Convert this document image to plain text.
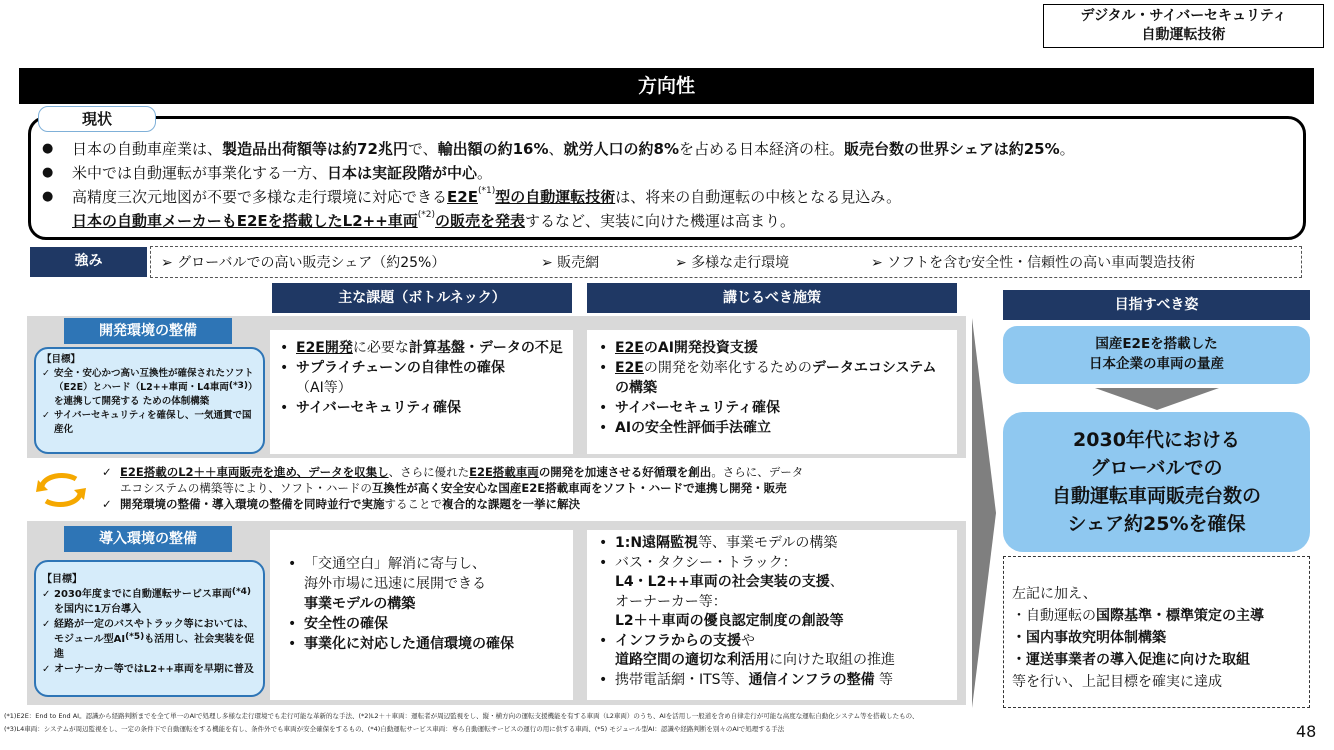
デジタル・サイバーセキュリティ
自動運転技術
方向性
現状
● 日本の自動車産業は、製造品出荷額等は約72兆円で、輸出額の約16%、就労人口の約8%を占める日本経済の柱。販売台数の世界シェアは約25%。
● 米中では自動運転が事業化する一方、日本は実証段階が中心。
● 高精度三次元地図が不要で多様な走行環境に対応できる$E2E^{(*1)}$型の自動運転技術は、将来の自動運転の中核となる見込み。
日本の自動車メーカーもE2Eを搭載したL2++車両$^{(*2)}$の販売を発表するなど、実装に向けた機運は高まり。
強み	➢ グローバルでの高い販売シェア（約25%）	➢ 販売網	➢ 多様な走行環境	➢ ソフトを含む安全性・信頼性の高い車両製造技術
主な課題（ボトルネック）	講じるべき施策	目指すべき姿
開発環境の整備
【目標】
✓ 安全・安心かつ高い互換性が確保されたソフト（E2E）とハード（L2++車両・L4車両$^{(*3)}$）を連携して開発する ための体制構築
✓ サイバーセキュリティを確保し、一気通貫で国産化
• E2E開発に必要な計算基盤・データの不足
• サプライチェーンの自律性の確保
（AI等）
• サイバーセキュリティ確保
• E2EのAI開発投資支援
• E2Eの開発を効率化するためのデータエコシステムの構築
• サイバーセキュリティ確保
• AIの安全性評価手法確立
✓ E2E搭載のL2＋＋車両販売を進め、データを収集し、さらに優れたE2E搭載車両の開発を加速させる好循環を創出。さらに、データ
エコシステムの構築等により、ソフト・ハードの互換性が高く安全安心な国産E2E搭載車両をソフト・ハードで連携し開発・販売
✓ 開発環境の整備・導入環境の整備を同時並行で実施することで複合的な課題を一挙に解決
導入環境の整備
【目標】
✓ 2030年度までに自動運転サービス車両$^{(*4)}$を国内に1万台導入
✓ 経路が一定のバスやトラック等においては、モジュール型$AI^{(*5)}$も活用し、社会実装を促進
✓ オーナーカー等ではL2++車両を早期に普及
• 「交通空白」解消に寄与し、
海外市場に迅速に展開できる
事業モデルの構築
• 安全性の確保
• 事業化に対応した通信環境の確保
• 1:N遠隔監視等、事業モデルの構築
• バス・タクシー・トラック：
L4・L2++車両の社会実装の支援、
オーナーカー等：
L2＋＋車両の優良認定制度の創設等
• インフラからの支援や
道路空間の適切な利活用に向けた取組の推進
• 携帯電話網・ITS等、通信インフラの整備 等
国産E2Eを搭載した
日本企業の車両の量産
2030年代における
グローバルでの
自動運転車両販売台数の
シェア約25%を確保
左記に加え、
・自動運転の国際基準・標準策定の主導
・国内事故究明体制構築
・運送事業者の導入促進に向けた取組
等を行い、上記目標を確実に達成
(*1)E2E：End to End AI。認識から経路判断までを全て単一のAIで処理し多様な走行環境でも走行可能な革新的な手法、(*2)L2＋＋車両：運転者が周辺監視をし、縦・横方向の運転支援機能を有する車両（L2車両）のうち、AIを活用し一般道を含め自律走行が可能な高度な運転自動化システム等を搭載したもの、
(*3)L4車両：システムが周辺監視をし、一定の条件下で自動運転をする機能を有し、条件外でも車両が安全確保をするもの、(*4)自動運転サービス車両：専ら自動運転サービスの運行の用に供する車両、(*5) モジュール型AI：認識や経路判断を別々のAIで処理する手法	48
